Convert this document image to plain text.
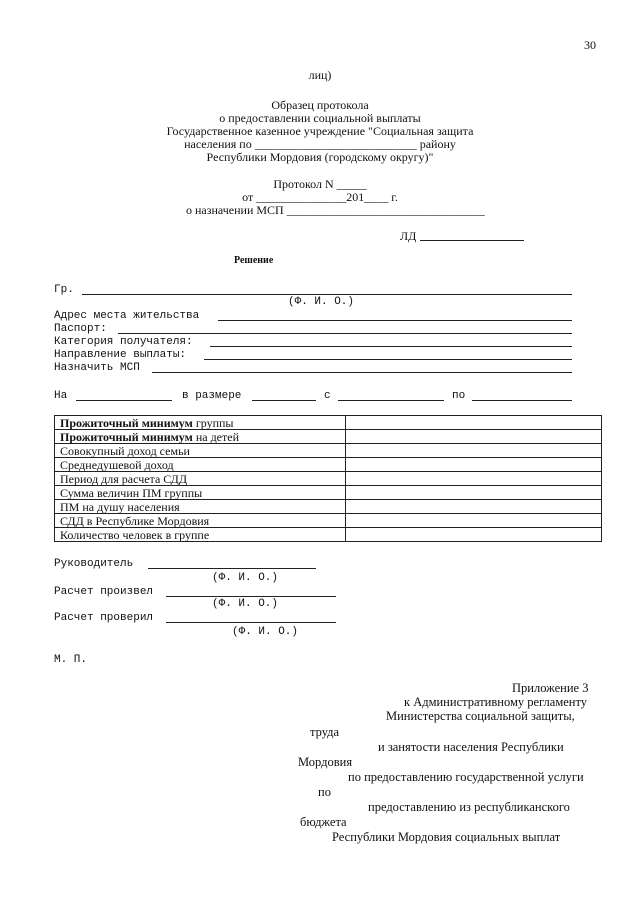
30
лиц)
Образец протокола
о предоставлении социальной выплаты
Государственное казенное учреждение "Социальная защита
населения по ___________________________ району
Республики Мордовия (городскому округу)"
Протокол N _____
от _______________201____ г.
о назначении МСП _________________________________
ЛД
Решение
Гр.
(Ф. И. О.)
Адрес места жительства
Паспорт:
Категория получателя:
Направление выплаты:
Назначить МСП
На	в размере	с	по
Прожиточный минимум группы	
Прожиточный минимум на детей	
Совокупный доход семьи	
Среднедушевой доход	
Период для расчета СДД	
Сумма величин ПМ группы	
ПМ на душу населения	
СДД в Республике Мордовия	
Количество человек в группе	
Руководитель
(Ф. И. О.)
Расчет произвел
(Ф. И. О.)
Расчет проверил
(Ф. И. О.)
М. П.
Приложение 3
к Административному регламенту
Министерства социальной защиты,
труда
и занятости населения Республики
Мордовия
по предоставлению государственной услуги
по
предоставлению из республиканского
бюджета
Республики Мордовия социальных выплат
